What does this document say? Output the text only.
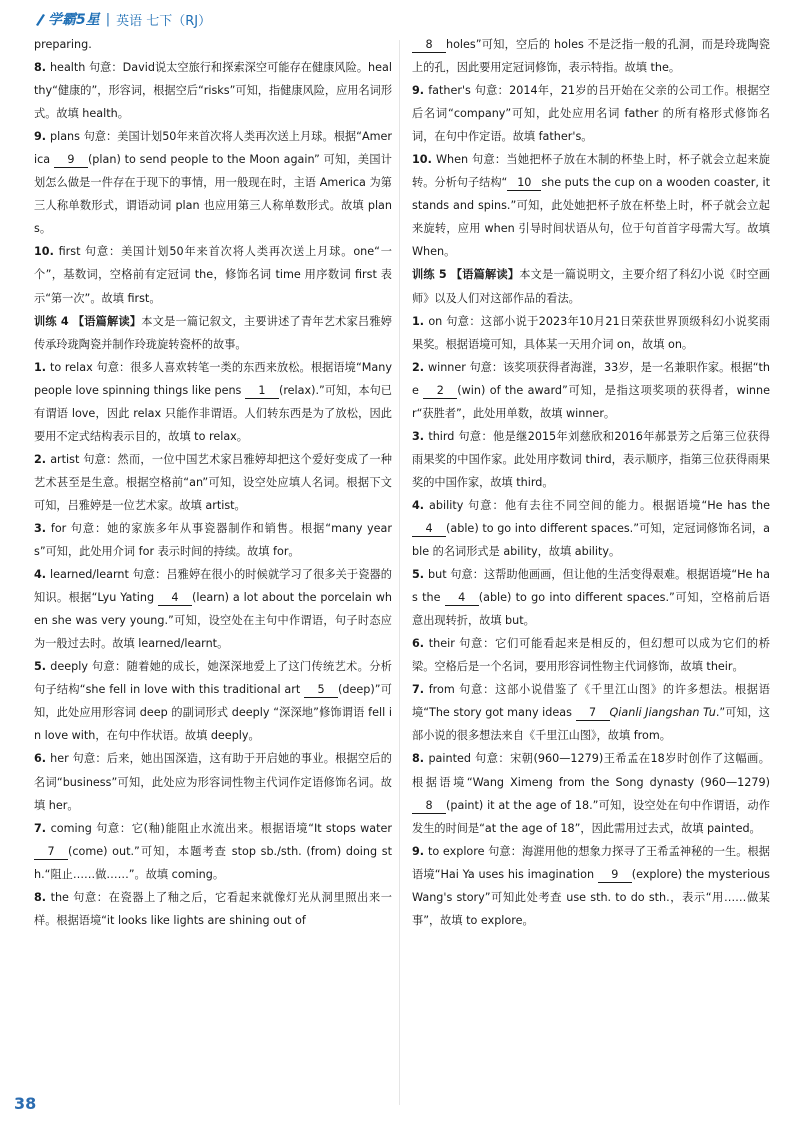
学霸5星 | 英语 七下（RJ）

preparing.

8. health 句意：David说太空旅行和探索深空可能存在健康风险。healthy“健康的”，形容词，根据空后“risks”可知，指健康风险，应用名词形式。故填 health。

9. plans 句意：美国计划50年来首次将人类再次送上月球。根据“America 9 (plan) to send people to the Moon again” 可知，美国计划怎么做是一件存在于现下的事情，用一般现在时，主语 America 为第三人称单数形式，谓语动词 plan 也应用第三人称单数形式。故填 plans。

10. first 句意：美国计划50年来首次将人类再次送上月球。one“一个”，基数词，空格前有定冠词 the，修饰名词 time 用序数词 first 表示“第一次”。故填 first。

训练 4 【语篇解读】本文是一篇记叙文，主要讲述了青年艺术家吕雅婷传承玲珑陶瓷并制作玲珑旋转瓷杯的故事。

1. to relax 句意：很多人喜欢转笔一类的东西来放松。根据语境“Many people love spinning things like pens 1 (relax).”可知，本句已有谓语 love，因此 relax 只能作非谓语。人们转东西是为了放松，因此要用不定式结构表示目的，故填 to relax。

2. artist 句意：然而，一位中国艺术家吕雅婷却把这个爱好变成了一种艺术甚至是生意。根据空格前“an”可知，设空处应填人名词。根据下文可知，吕雅婷是一位艺术家。故填 artist。

3. for 句意：她的家族多年从事瓷器制作和销售。根据“many years”可知，此处用介词 for 表示时间的持续。故填 for。

4. learned/learnt 句意：吕雅婷在很小的时候就学习了很多关于瓷器的知识。根据“Lyu Yating 4 (learn) a lot about the porcelain when she was very young.”可知，设空处在主句中作谓语，句子时态应为一般过去时。故填 learned/learnt。

5. deeply 句意：随着她的成长，她深深地爱上了这门传统艺术。分析句子结构“she fell in love with this traditional art 5 (deep)”可知，此处应用形容词 deep 的副词形式 deeply “深深地”修饰谓语 fell in love with，在句中作状语。故填 deeply。

6. her 句意：后来，她出国深造，这有助于开启她的事业。根据空后的名词“business”可知，此处应为形容词性物主代词作定语修饰名词。故填 her。

7. coming 句意：它(釉)能阻止水流出来。根据语境“It stops water 7 (come) out.”可知，本题考查 stop sb./sth. (from) doing sth.“阻止……做……”。故填 coming。

8. the 句意：在瓷器上了釉之后，它看起来就像灯光从洞里照出来一样。根据语境“it looks like lights are shining out of

8 holes”可知，空后的 holes 不是泛指一般的孔洞，而是玲珑陶瓷上的孔，因此要用定冠词修饰，表示特指。故填 the。

9. father's 句意：2014年，21岁的吕开始在父亲的公司工作。根据空后名词“company”可知，此处应用名词 father 的所有格形式修饰名词，在句中作定语。故填 father's。

10. When 句意：当她把杯子放在木制的杯垫上时，杯子就会立起来旋转。分析句子结构“ 10 she puts the cup on a wooden coaster, it stands and spins.”可知，此处她把杯子放在杯垫上时，杯子就会立起来旋转，应用 when 引导时间状语从句，位于句首首字母需大写。故填 When。

训练 5 【语篇解读】本文是一篇说明文，主要介绍了科幻小说《时空画师》以及人们对这部作品的看法。

1. on 句意：这部小说于2023年10月21日荣获世界顶级科幻小说奖雨果奖。根据语境可知，具体某一天用介词 on，故填 on。

2. winner 句意：该奖项获得者海漄，33岁，是一名兼职作家。根据“the 2 (win) of the award”可知，是指这项奖项的获得者，winner“获胜者”，此处用单数，故填 winner。

3. third 句意：他是继2015年刘慈欣和2016年郝景芳之后第三位获得雨果奖的中国作家。此处用序数词 third，表示顺序，指第三位获得雨果奖的中国作家，故填 third。

4. ability 句意：他有去往不同空间的能力。根据语境“He has the 4 (able) to go into different spaces.”可知，定冠词修饰名词，able 的名词形式是 ability，故填 ability。

5. but 句意：这帮助他画画，但让他的生活变得艰难。根据语境“He has the 4 (able) to go into different spaces.”可知，空格前后语意出现转折，故填 but。

6. their 句意：它们可能看起来是相反的，但幻想可以成为它们的桥梁。空格后是一个名词，要用形容词性物主代词修饰，故填 their。

7. from 句意：这部小说借鉴了《千里江山图》的许多想法。根据语境“The story got many ideas 7 Qianli Jiangshan Tu.”可知，这部小说的很多想法来自《千里江山图》，故填 from。

8. painted 句意：宋朝(960—1279)王希孟在18岁时创作了这幅画。根据语境“Wang Ximeng from the Song dynasty (960—1279) 8 (paint) it at the age of 18.”可知，设空处在句中作谓语，动作发生的时间是“at the age of 18”，因此需用过去式，故填 painted。

9. to explore 句意：海漄用他的想象力探寻了王希孟神秘的一生。根据语境“Hai Ya uses his imagination 9 (explore) the mysterious Wang's story”可知此处考查 use sth. to do sth.，表示“用……做某事”，故填 to explore。

38
